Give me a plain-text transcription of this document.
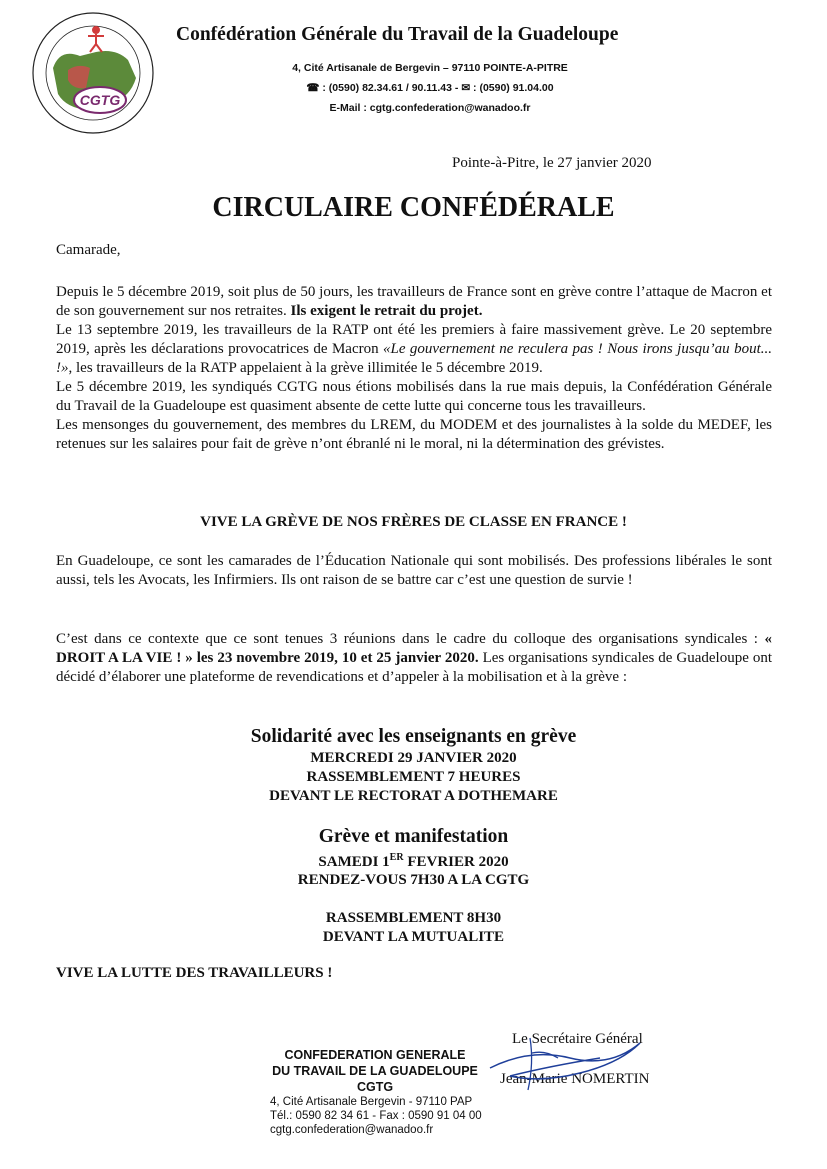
CGTG
Confédération Générale du Travail de la Guadeloupe
4, Cité Artisanale de Bergevin – 97110 POINTE-A-PITRE
☎ : (0590) 82.34.61 / 90.11.43 - ✉ : (0590) 91.04.00
E-Mail : cgtg.confederation@wanadoo.fr
Pointe-à-Pitre, le 27 janvier 2020
CIRCULAIRE CONFÉDÉRALE
Camarade,

Depuis le 5 décembre 2019, soit plus de 50 jours, les travailleurs de France sont en grève contre l’attaque de Macron et de son gouvernement sur nos retraites. Ils exigent le retrait du projet.

Le 13 septembre 2019, les travailleurs de la RATP ont été les premiers à faire massivement grève. Le 20 septembre 2019, après les déclarations provocatrices de Macron «Le gouvernement ne reculera pas ! Nous irons jusqu’au bout... !», les travailleurs de la RATP appelaient à la grève illimitée le 5 décembre 2019.

Le 5 décembre 2019, les syndiqués CGTG nous étions mobilisés dans la rue mais depuis, la Confédération Générale du Travail de la Guadeloupe est quasiment absente de cette lutte qui concerne tous les travailleurs.

Les mensonges du gouvernement, des membres du LREM, du MODEM et des journalistes à la solde du MEDEF, les retenues sur les salaires pour fait de grève n’ont ébranlé ni le moral, ni la détermination des grévistes.

VIVE LA GRÈVE DE NOS FRÈRES DE CLASSE EN FRANCE !
En Guadeloupe, ce sont les camarades de l’Éducation Nationale qui sont mobilisés. Des professions libérales le sont aussi, tels les Avocats, les Infirmiers. Ils ont raison de se battre car c’est une question de survie !
C’est dans ce contexte que ce sont tenues 3 réunions dans le cadre du colloque des organisations syndicales : « DROIT A LA VIE ! » les 23 novembre 2019, 10 et 25 janvier 2020. Les organisations syndicales de Guadeloupe ont décidé d’élaborer une plateforme de revendications et d’appeler à la mobilisation et à la grève :
Solidarité avec les enseignants en grève
MERCREDI 29 JANVIER 2020
RASSEMBLEMENT 7 HEURES
DEVANT LE RECTORAT A DOTHEMARE
Grève et manifestation
SAMEDI 1ER FEVRIER 2020
RENDEZ-VOUS 7H30 A LA CGTG
RASSEMBLEMENT 8H30
DEVANT LA MUTUALITE
VIVE LA LUTTE DES TRAVAILLEURS !
Le Secrétaire Général
Jean-Marie NOMERTIN
CONFEDERATION GENERALE
DU TRAVAIL DE LA GUADELOUPE
CGTG
4, Cité Artisanale Bergevin - 97110 PAP
Tél.: 0590 82 34 61 - Fax : 0590 91 04 00
cgtg.confederation@wanadoo.fr
